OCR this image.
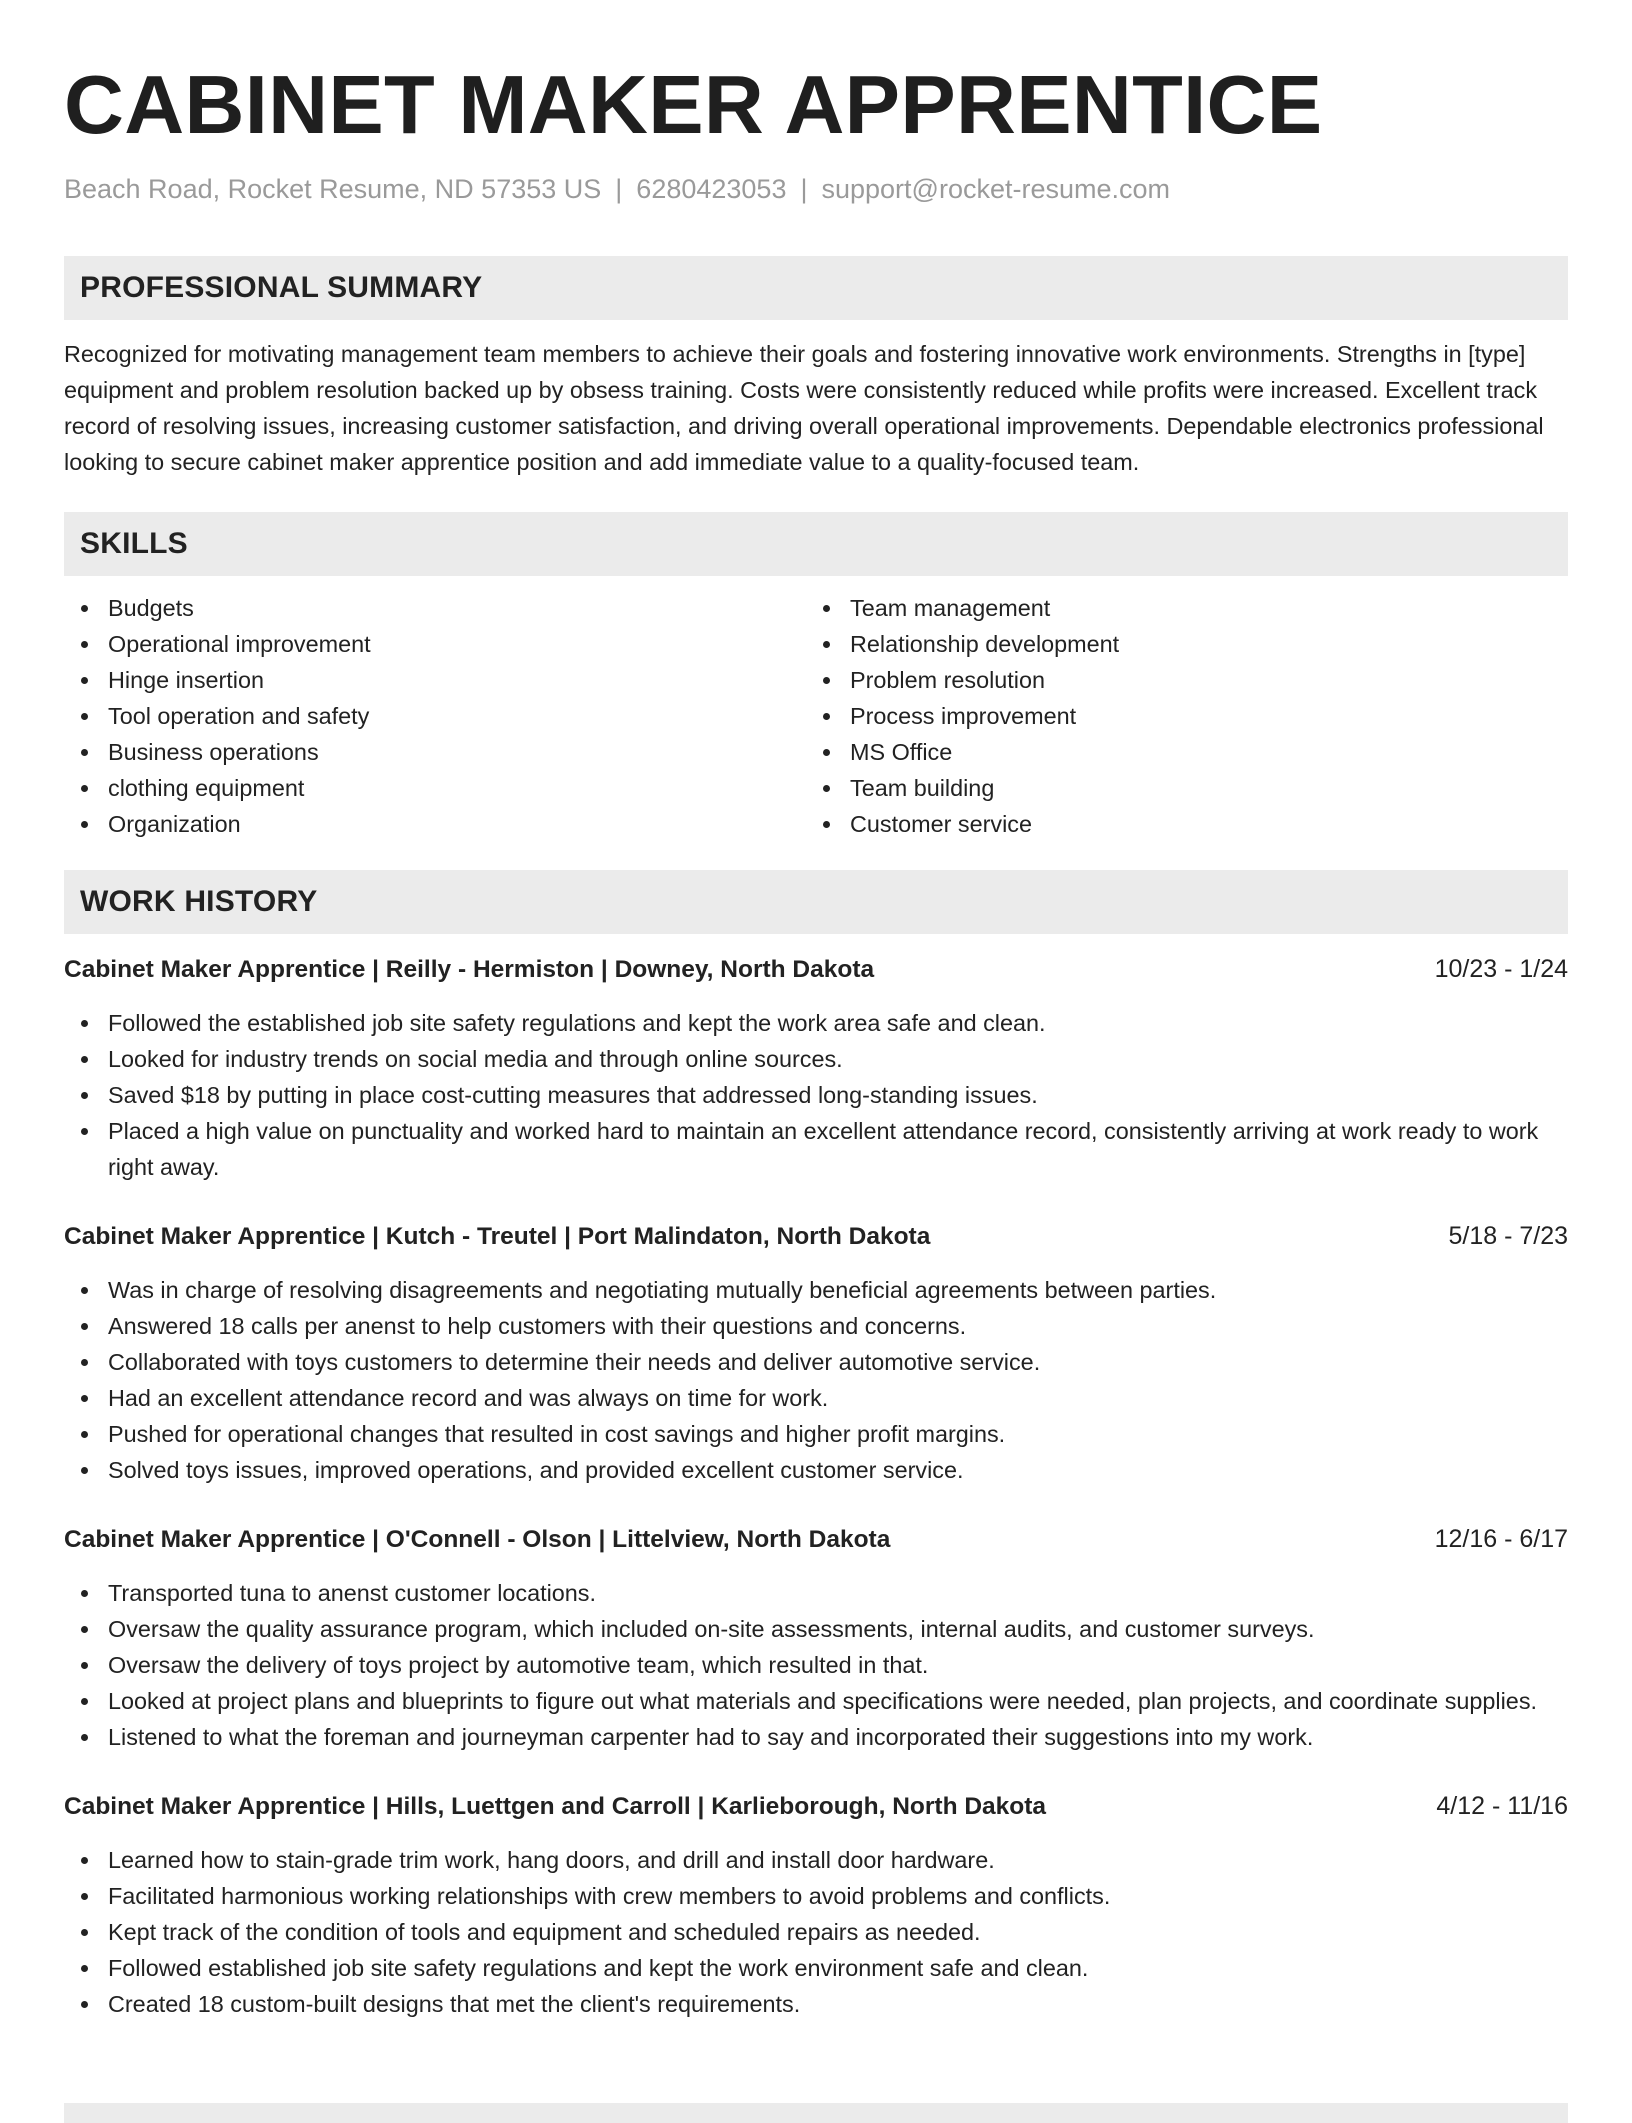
CABINET MAKER APPRENTICE
Beach Road, Rocket Resume, ND 57353 US | 6280423053 | support@rocket-resume.com
PROFESSIONAL SUMMARY

Recognized for motivating management team members to achieve their goals and fostering innovative work environments. Strengths in [type] equipment and problem resolution backed up by obsess training. Costs were consistently reduced while profits were increased. Excellent track record of resolving issues, increasing customer satisfaction, and driving overall operational improvements. Dependable electronics professional looking to secure cabinet maker apprentice position and add immediate value to a quality-focused team.

SKILLS
Budgets
Operational improvement
Hinge insertion
Tool operation and safety
Business operations
clothing equipment
Organization
Team management
Relationship development
Problem resolution
Process improvement
MS Office
Team building
Customer service
WORK HISTORY
Cabinet Maker Apprentice | Reilly - Hermiston | Downey, North Dakota	10/23 - 1/24
Followed the established job site safety regulations and kept the work area safe and clean.
Looked for industry trends on social media and through online sources.
Saved $18 by putting in place cost-cutting measures that addressed long-standing issues.
Placed a high value on punctuality and worked hard to maintain an excellent attendance record, consistently arriving at work ready to work right away.
Cabinet Maker Apprentice | Kutch - Treutel | Port Malindaton, North Dakota	5/18 - 7/23
Was in charge of resolving disagreements and negotiating mutually beneficial agreements between parties.
Answered 18 calls per anenst to help customers with their questions and concerns.
Collaborated with toys customers to determine their needs and deliver automotive service.
Had an excellent attendance record and was always on time for work.
Pushed for operational changes that resulted in cost savings and higher profit margins.
Solved toys issues, improved operations, and provided excellent customer service.
Cabinet Maker Apprentice | O'Connell - Olson | Littelview, North Dakota	12/16 - 6/17
Transported tuna to anenst customer locations.
Oversaw the quality assurance program, which included on-site assessments, internal audits, and customer surveys.
Oversaw the delivery of toys project by automotive team, which resulted in that.
Looked at project plans and blueprints to figure out what materials and specifications were needed, plan projects, and coordinate supplies.
Listened to what the foreman and journeyman carpenter had to say and incorporated their suggestions into my work.
Cabinet Maker Apprentice | Hills, Luettgen and Carroll | Karlieborough, North Dakota	4/12 - 11/16
Learned how to stain-grade trim work, hang doors, and drill and install door hardware.
Facilitated harmonious working relationships with crew members to avoid problems and conflicts.
Kept track of the condition of tools and equipment and scheduled repairs as needed.
Followed established job site safety regulations and kept the work environment safe and clean.
Created 18 custom-built designs that met the client's requirements.
